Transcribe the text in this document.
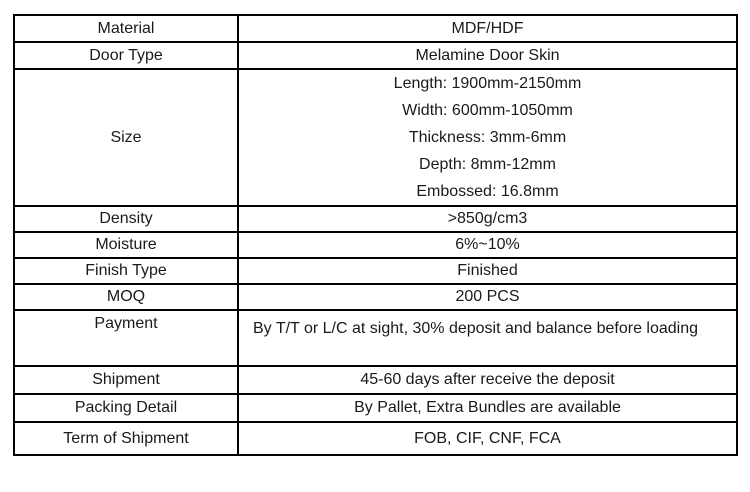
Material	MDF/HDF
Door Type	Melamine Door Skin
Size	Length: 1900mm-2150mm
Width: 600mm-1050mm
Thickness: 3mm-6mm
Depth: 8mm-12mm
Embossed: 16.8mm

Density	>850g/cm3
Moisture	6%~10%
Finish Type	Finished
MOQ	200 PCS
Payment	By T/T or L/C at sight, 30% deposit and balance before loading
Shipment	45-60 days after receive the deposit
Packing Detail	By Pallet, Extra Bundles are available
Term of Shipment	FOB, CIF, CNF, FCA
